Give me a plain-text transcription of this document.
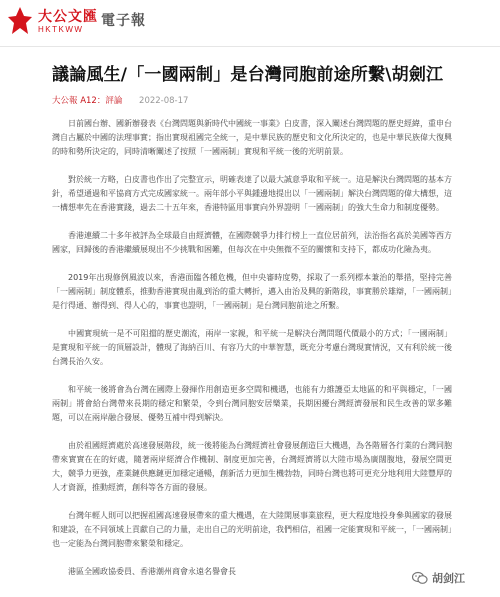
大公文匯
HKTKWW
電子報
議論風生/「一國兩制」是台灣同胞前途所繫\胡劍江
大公報 A12：評論 2022-08-17

日前國台辦、國新辦發表《台灣問題與新時代中國統一事業》白皮書，深入闡述台灣問題的歷史經緯，重申台灣自古屬於中國的法理事實；指出實現祖國完全統一，是中華民族的歷史和文化所決定的，也是中華民族偉大復興的時和勢所決定的，同時清晰闡述了按照「一國兩制」實現和平統一後的光明前景。

對於統一方略，白皮書也作出了完整宣示，明確表達了以最大誠意爭取和平統一。這是解決台灣問題的基本方針，希望通過和平協商方式完成國家統一。兩年部小平與鍾邊地提出以「一國兩制」解決台灣問題的偉大構想，這一構想率先在香港實踐，過去二十五年來，香港特區用事實向外界證明「一國兩制」的強大生命力和制度優勢。

香港連續二十多年被評為全球最自由經濟體，在國際競爭力排行榜上一直位居前列，法治指名高於美國等西方國家，回歸後的香港繼續展現出不少挑戰和困難，但每次在中央無微不至的關懷和支持下，都成功化險為夷。

2019年出現修例風波以來，香港面臨各種危機，但中央審時度勢，採取了一系列標本兼治的舉措，堅持完善「一國兩制」制度體系，推動香港實現由亂到治的重大轉折，邁入由治及興的新階段，事實勝於雄辯，「一國兩制」是行得通、辦得到、得人心的，事實也證明，「一國兩制」是台灣同胞前途之所繫。

中國實現統一是不可阻擋的歷史潮流，兩岸一家親，和平統一是解決台灣問題代價最小的方式；「一國兩制」是實現和平統一的頂層設計，體現了海納百川、有容乃大的中華智慧，既充分考慮台灣現實情況，又有利於統一後台灣長治久安。

和平統一後將會為台灣在國際上發揮作用創造更多空間和機遇，也能有力維護亞太地區的和平與穩定，「一國兩制」將會給台灣帶來長期的穩定和繁榮，令到台灣同胞安居樂業，長期困擾台灣經濟發展和民生改善的眾多難題，可以在兩岸融合發展、優勢互補中得到解決。

由於祖國經濟處於高速發展階段，統一後將能為台灣經濟社會發展創造巨大機遇，為各階層各行業的台灣同胞帶來實實在在的好處，隨著兩岸經濟合作機制、制度更加完善，台灣經濟將以大陸市場為廣闊腹地，發展空間更大，競爭力更強，產業鏈供應鏈更加穩定通暢，創新活力更加生機勃勃，同時台灣也將可更充分地利用大陸豐厚的人才資源，推動經濟，創科等各方面的發展。

台灣年輕人則可以把握祖國高速發展帶來的重大機遇，在大陸開展事業旅程，更大程度地投身參與國家的發展和建設，在不同領域上貢獻自己的力量，走出自己的光明前途，我們相信，祖國一定能實現和平統一，「一國兩制」也一定能為台灣同胞帶來繁榮和穩定。

港區全國政協委員、香港潮州商會永遠名譽會長

胡剑江
